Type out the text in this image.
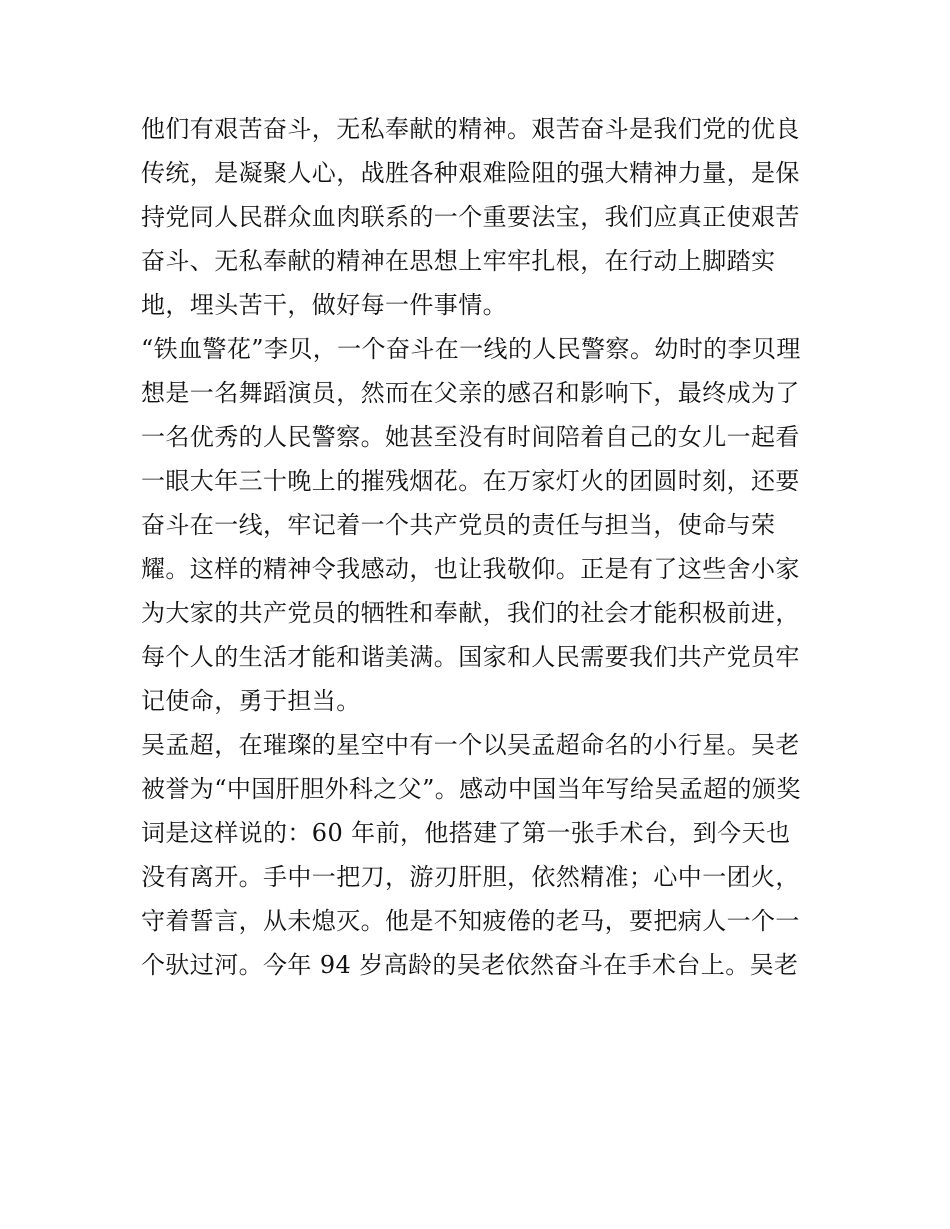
他们有艰苦奋斗，无私奉献的精神。艰苦奋斗是我们党的优良
传统，是凝聚人心，战胜各种艰难险阻的强大精神力量，是保
持党同人民群众血肉联系的一个重要法宝，我们应真正使艰苦
奋斗、无私奉献的精神在思想上牢牢扎根，在行动上脚踏实
地，埋头苦干，做好每一件事情。
“铁血警花”李贝，一个奋斗在一线的人民警察。幼时的李贝理
想是一名舞蹈演员，然而在父亲的感召和影响下，最终成为了
一名优秀的人民警察。她甚至没有时间陪着自己的女儿一起看
一眼大年三十晚上的摧残烟花。在万家灯火的团圆时刻，还要
奋斗在一线，牢记着一个共产党员的责任与担当，使命与荣
耀。这样的精神令我感动，也让我敬仰。正是有了这些舍小家
为大家的共产党员的牺牲和奉献，我们的社会才能积极前进，
每个人的生活才能和谐美满。国家和人民需要我们共产党员牢
记使命，勇于担当。
吴孟超，在璀璨的星空中有一个以吴孟超命名的小行星。吴老
被誉为“中国肝胆外科之父”。感动中国当年写给吴孟超的颁奖
词是这样说的：60 年前，他搭建了第一张手术台，到今天也
没有离开。手中一把刀，游刃肝胆，依然精准；心中一团火，
守着誓言，从未熄灭。他是不知疲倦的老马，要把病人一个一
个驮过河。今年 94 岁高龄的吴老依然奋斗在手术台上。吴老
